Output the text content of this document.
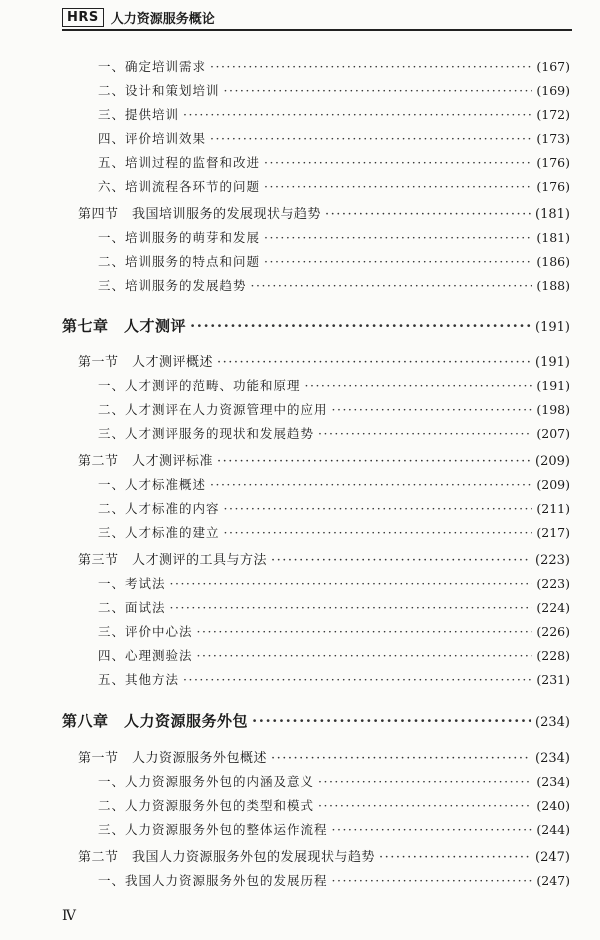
HRS 人力资源服务概论
一、确定培训需求 ·····	(167)
二、设计和策划培训 ·····	(169)
三、提供培训 ·····	(172)
四、评价培训效果 ·····	(173)
五、培训过程的监督和改进 ·····	(176)
六、培训流程各环节的问题 ·····	(176)
第四节　我国培训服务的发展现状与趋势 ·····	(181)
一、培训服务的萌芽和发展 ·····	(181)
二、培训服务的特点和问题 ·····	(186)
三、培训服务的发展趋势 ·····	(188)
第七章　人才测评 ·····	(191)
第一节　人才测评概述 ·····	(191)
一、人才测评的范畴、功能和原理 ·····	(191)
二、人才测评在人力资源管理中的应用 ·····	(198)
三、人才测评服务的现状和发展趋势 ·····	(207)
第二节　人才测评标准 ·····	(209)
一、人才标准概述 ·····	(209)
二、人才标准的内容 ·····	(211)
三、人才标准的建立 ·····	(217)
第三节　人才测评的工具与方法 ·····	(223)
一、考试法 ·····	(223)
二、面试法 ·····	(224)
三、评价中心法 ·····	(226)
四、心理测验法 ·····	(228)
五、其他方法 ·····	(231)
第八章　人力资源服务外包 ·····	(234)
第一节　人力资源服务外包概述 ·····	(234)
一、人力资源服务外包的内涵及意义 ·····	(234)
二、人力资源服务外包的类型和模式 ·····	(240)
三、人力资源服务外包的整体运作流程 ·····	(244)
第二节　我国人力资源服务外包的发展现状与趋势 ·····	(247)
一、我国人力资源服务外包的发展历程 ·····	(247)
Ⅳ
